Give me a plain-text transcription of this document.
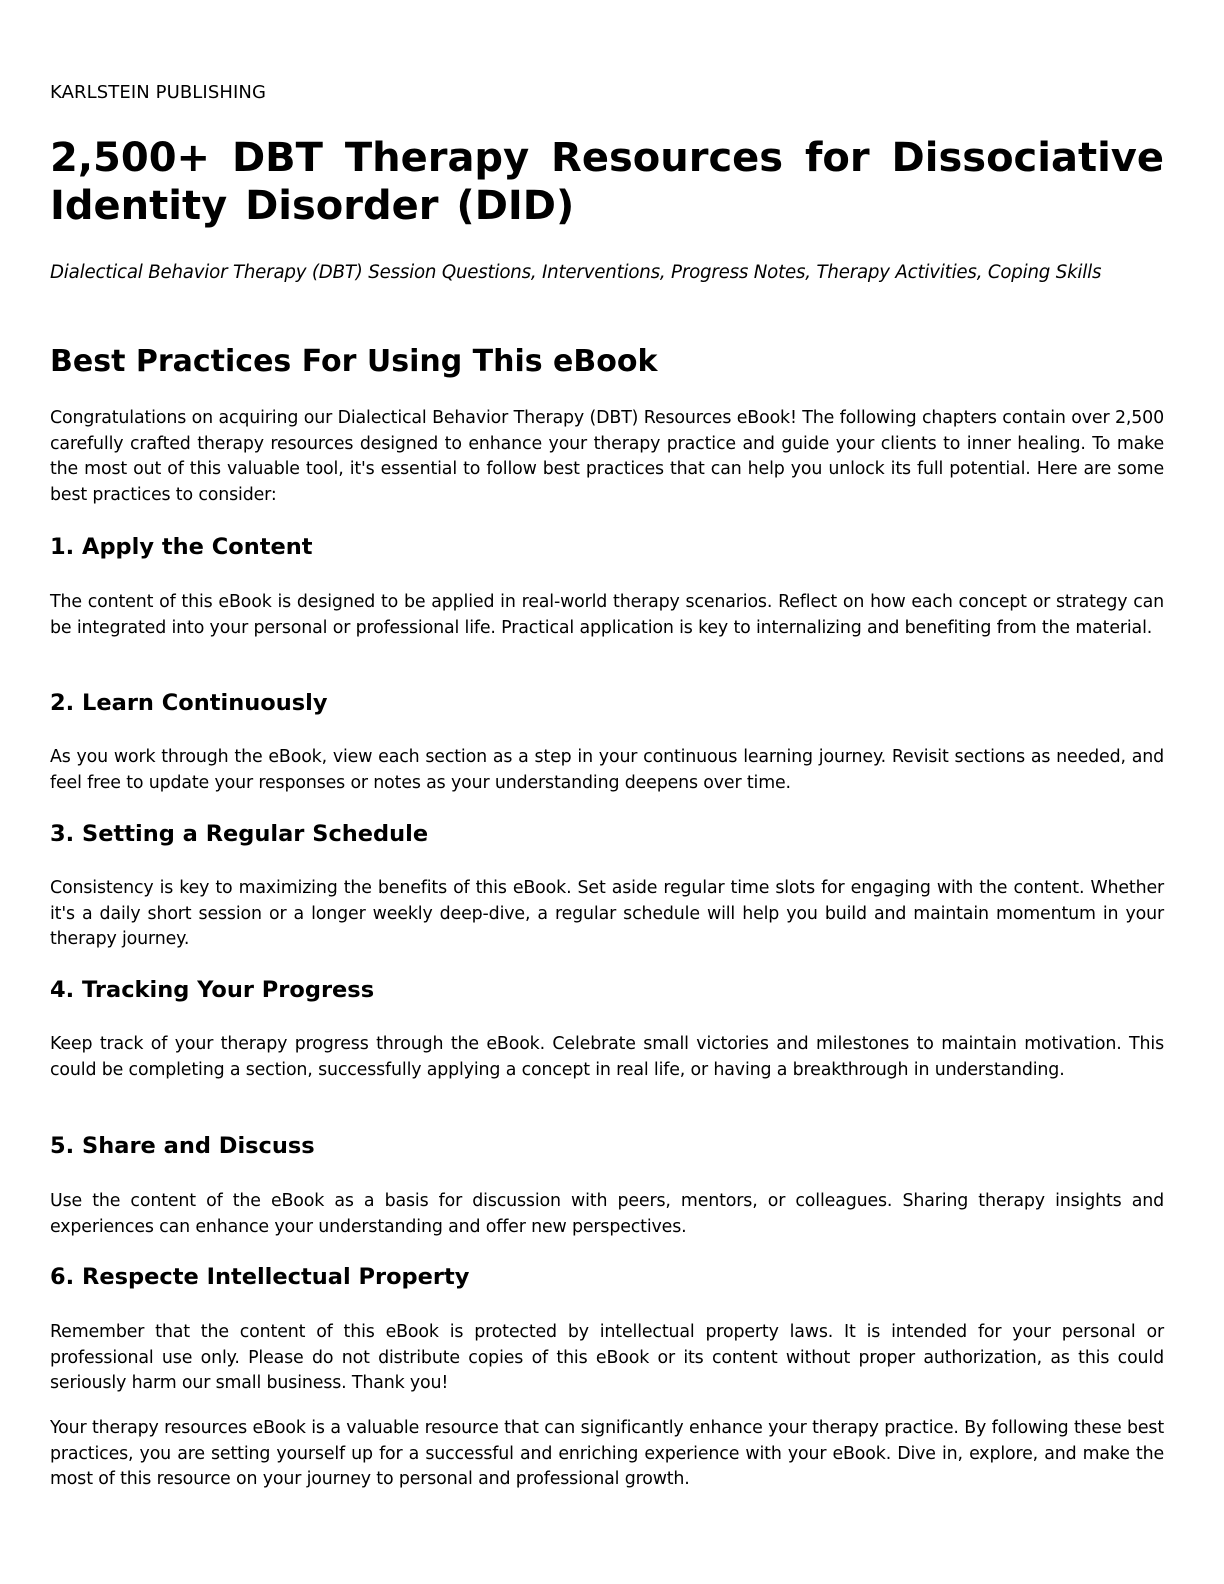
KARLSTEIN PUBLISHING

2,500+ DBT Therapy Resources for Dissociative Identity Disorder (DID)

Dialectical Behavior Therapy (DBT) Session Questions, Interventions, Progress Notes, Therapy Activities, Coping Skills

Best Practices For Using This eBook

Congratulations on acquiring our Dialectical Behavior Therapy (DBT) Resources eBook! The following chapters contain over 2,500 carefully crafted therapy resources designed to enhance your therapy practice and guide your clients to inner healing. To make the most out of this valuable tool, it's essential to follow best practices that can help you unlock its full potential. Here are some best practices to consider:

1. Apply the Content

The content of this eBook is designed to be applied in real-world therapy scenarios. Reflect on how each concept or strategy can be integrated into your personal or professional life. Practical application is key to internalizing and benefiting from the material.

2. Learn Continuously

As you work through the eBook, view each section as a step in your continuous learning journey. Revisit sections as needed, and feel free to update your responses or notes as your understanding deepens over time.

3. Setting a Regular Schedule

Consistency is key to maximizing the benefits of this eBook. Set aside regular time slots for engaging with the content. Whether it's a daily short session or a longer weekly deep-dive, a regular schedule will help you build and maintain momentum in your therapy journey.

4. Tracking Your Progress

Keep track of your therapy progress through the eBook. Celebrate small victories and milestones to maintain motivation. This could be completing a section, successfully applying a concept in real life, or having a breakthrough in understanding.

5. Share and Discuss

Use the content of the eBook as a basis for discussion with peers, mentors, or colleagues. Sharing therapy insights and experiences can enhance your understanding and offer new perspectives.

6. Respecte Intellectual Property

Remember that the content of this eBook is protected by intellectual property laws. It is intended for your personal or professional use only. Please do not distribute copies of this eBook or its content without proper authorization, as this could seriously harm our small business. Thank you!

Your therapy resources eBook is a valuable resource that can significantly enhance your therapy practice. By following these best practices, you are setting yourself up for a successful and enriching experience with your eBook. Dive in, explore, and make the most of this resource on your journey to personal and professional growth.
